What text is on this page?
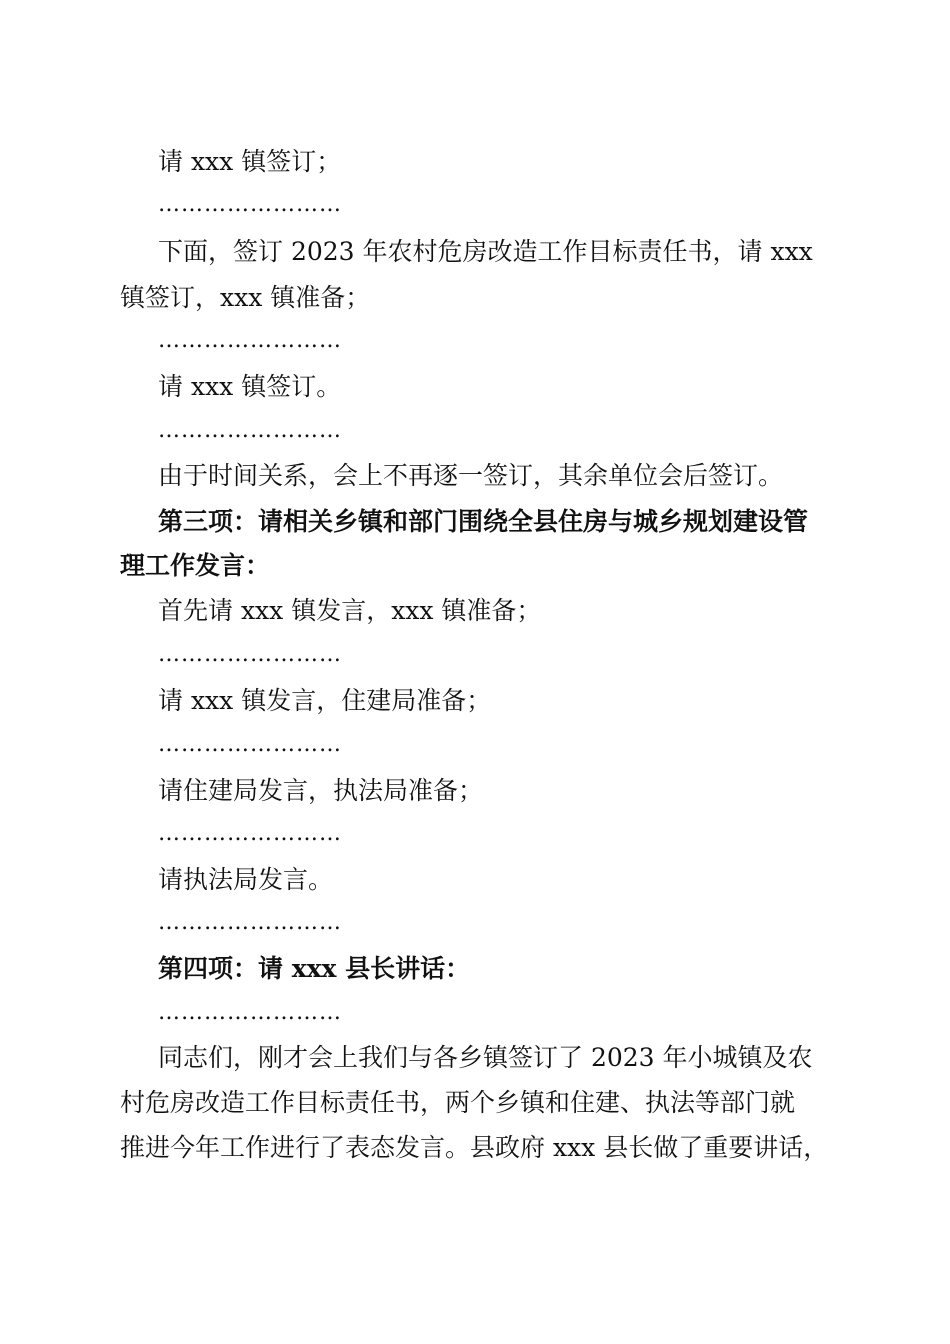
请 xxx 镇签订；
……………………
下面，签订 2023 年农村危房改造工作目标责任书，请 xxx
镇签订，xxx 镇准备；
……………………
请 xxx 镇签订。
……………………
由于时间关系，会上不再逐一签订，其余单位会后签订。
第三项：请相关乡镇和部门围绕全县住房与城乡规划建设管
理工作发言：
首先请 xxx 镇发言，xxx 镇准备；
……………………
请 xxx 镇发言，住建局准备；
……………………
请住建局发言，执法局准备；
……………………
请执法局发言。
……………………
第四项：请 xxx 县长讲话：
……………………
同志们，刚才会上我们与各乡镇签订了 2023 年小城镇及农
村危房改造工作目标责任书，两个乡镇和住建、执法等部门就
推进今年工作进行了表态发言。县政府 xxx 县长做了重要讲话，
